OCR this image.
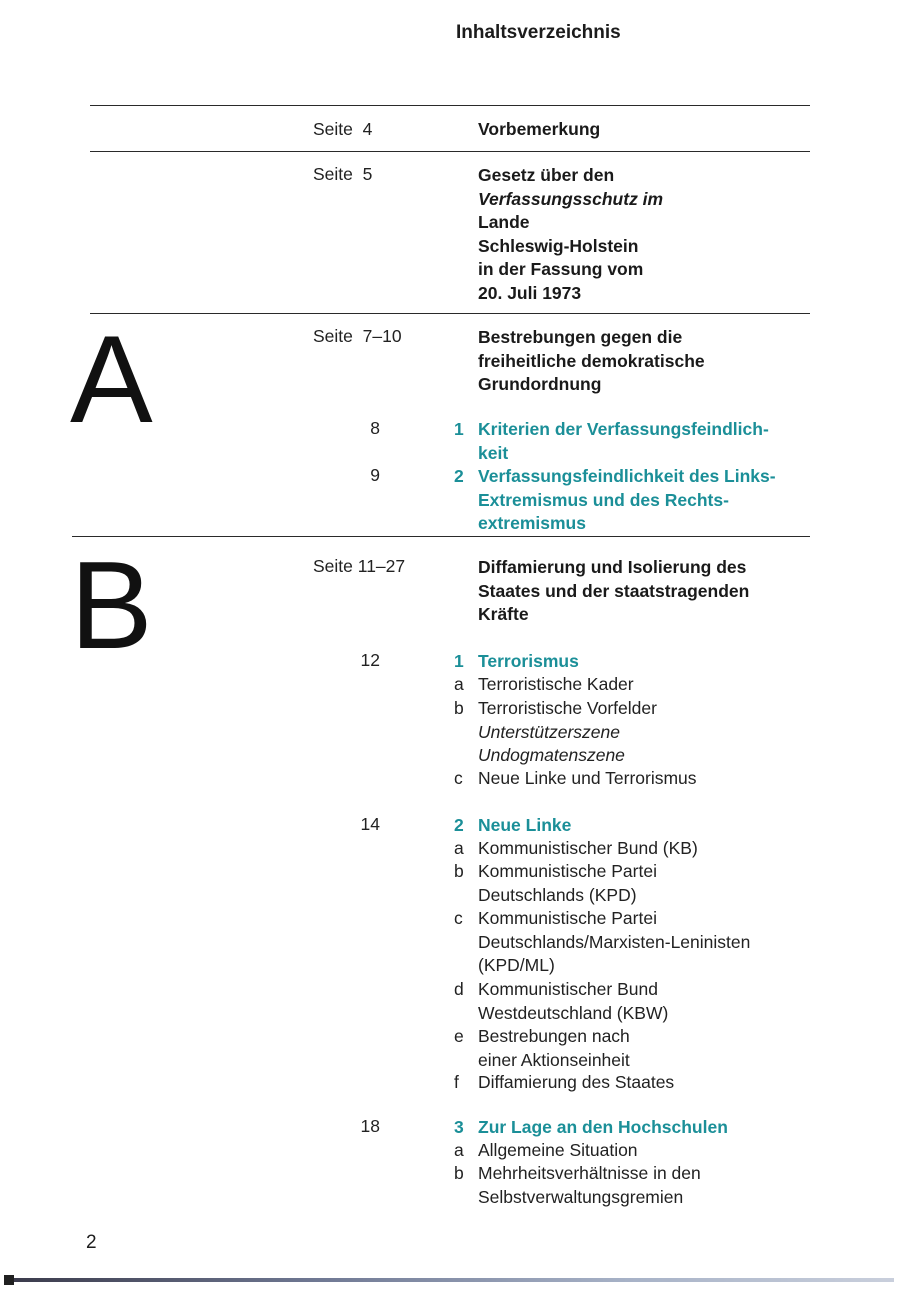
Inhaltsverzeichnis
Seite 4	Vorbemerkung
Seite 5	Gesetz über den
Verfassungsschutz im
Lande
Schleswig-Holstein
in der Fassung vom
20. Juli 1973
A	Seite 7–10	Bestrebungen gegen die
freiheitliche demokratische
Grundordnung
8	1 Kriterien der Verfassungsfeindlich-
keit
9	2 Verfassungsfeindlichkeit des Links-
Extremismus und des Rechts-
extremismus
B	Seite 11–27	Diffamierung und Isolierung des
Staates und der staatstragenden
Kräfte
12	1 Terrorismus
a Terroristische Kader
b Terroristische Vorfelder
Unterstützerszene
Undogmatenszene
c Neue Linke und Terrorismus
14	2 Neue Linke
a Kommunistischer Bund (KB)
b Kommunistische Partei
Deutschlands (KPD)
c Kommunistische Partei
Deutschlands/Marxisten-Leninisten
(KPD/ML)
d Kommunistischer Bund
Westdeutschland (KBW)
e Bestrebungen nach
einer Aktionseinheit
f Diffamierung des Staates
18	3 Zur Lage an den Hochschulen
a Allgemeine Situation
b Mehrheitsverhältnisse in den
Selbstverwaltungsgremien
2
